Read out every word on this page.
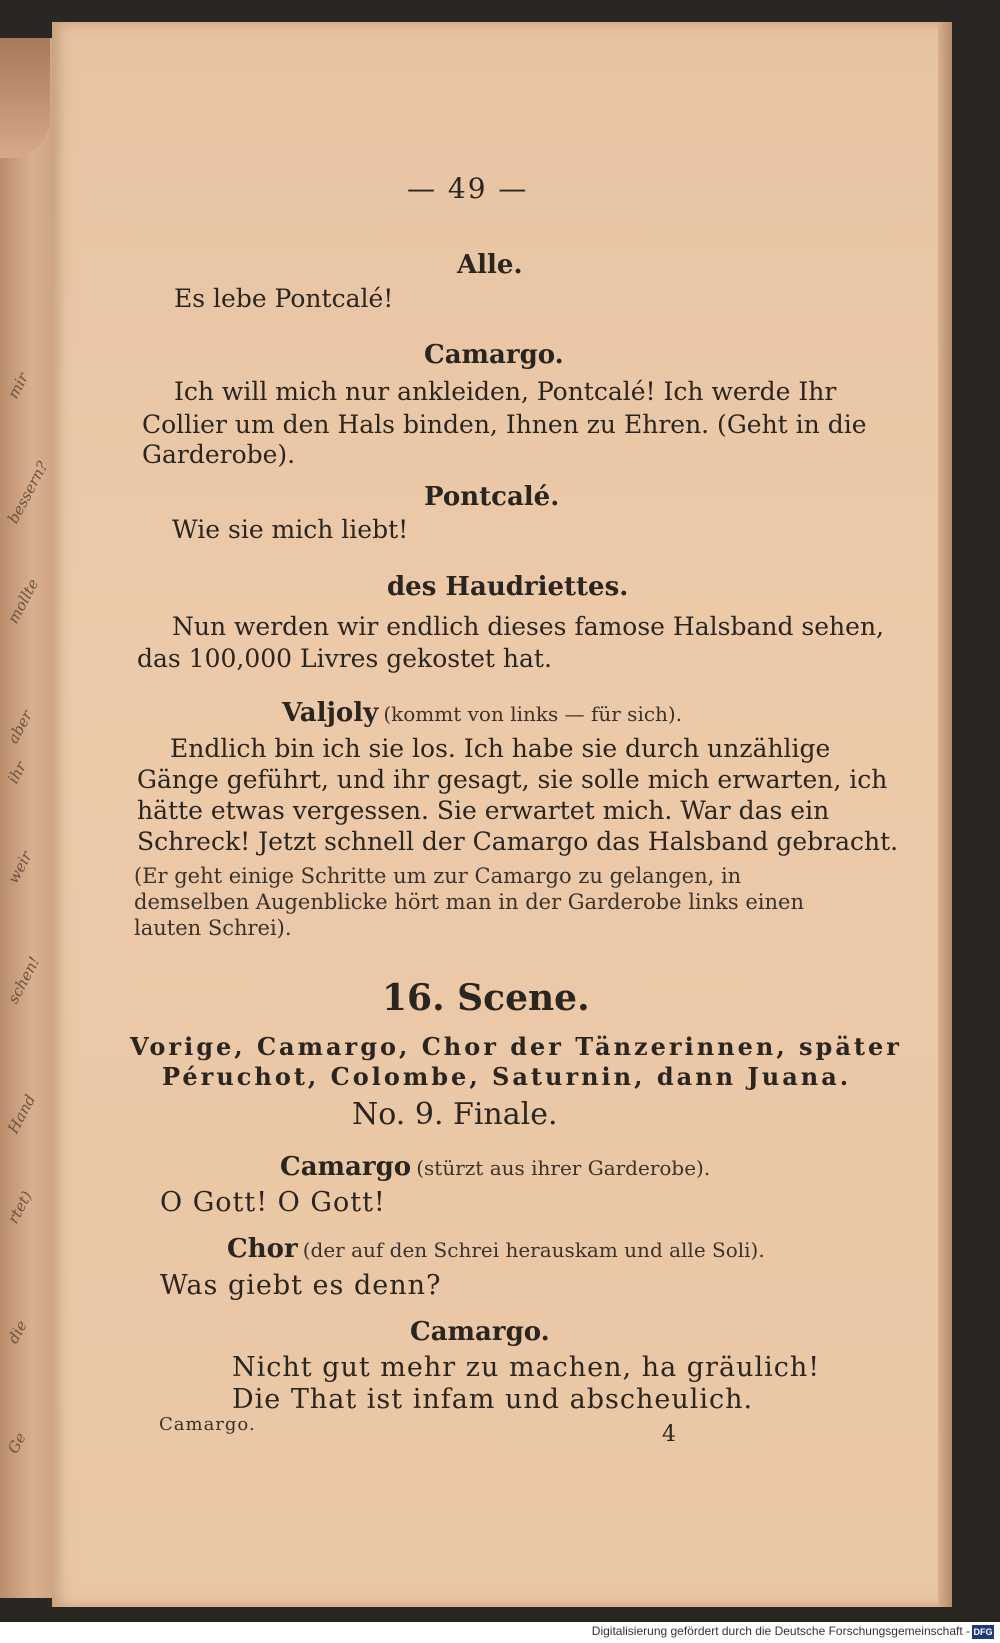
mir
bessern?
mollte
aber
ihr
weir
schen!
Hand
rtet)
die
Ge
— 49 —
Alle.
Es lebe Pontcalé!
Camargo.
Ich will mich nur ankleiden, Pontcalé! Ich werde Ihr
Collier um den Hals binden, Ihnen zu Ehren. (Geht in die
Garderobe).
Pontcalé.
Wie sie mich liebt!
des Haudriettes.
Nun werden wir endlich dieses famose Halsband sehen,
das 100,000 Livres gekostet hat.
Valjoly (kommt von links — für sich).
Endlich bin ich sie los. Ich habe sie durch unzählige
Gänge geführt, und ihr gesagt, sie solle mich erwarten, ich
hätte etwas vergessen. Sie erwartet mich. War das ein
Schreck! Jetzt schnell der Camargo das Halsband gebracht.
(Er geht einige Schritte um zur Camargo zu gelangen, in
demselben Augenblicke hört man in der Garderobe links einen
lauten Schrei).
16. Scene.
Vorige, Camargo, Chor der Tänzerinnen, später
Péruchot, Colombe, Saturnin, dann Juana.
No. 9. Finale.
Camargo (stürzt aus ihrer Garderobe).
O Gott! O Gott!
Chor (der auf den Schrei herauskam und alle Soli).
Was giebt es denn?
Camargo.
Nicht gut mehr zu machen, ha gräulich!
Die That ist infam und abscheulich.
Camargo.	4
Digitalisierung gefördert durch die Deutsche Forschungsgemeinschaft - DFG
